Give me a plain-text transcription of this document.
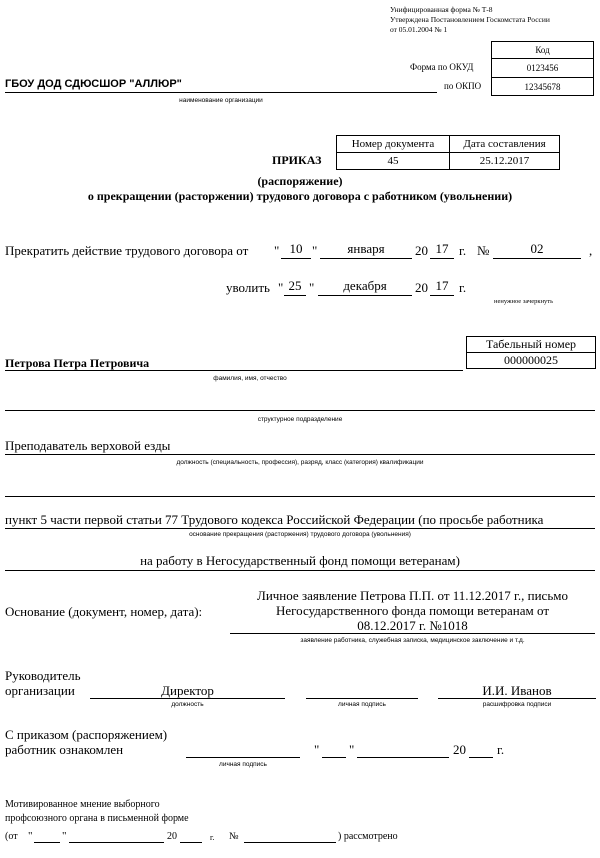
Унифицированная форма № Т-8
Утверждена Постановлением Госкомстата России
от 05.01.2004 № 1
Код
0123456
12345678
Форма по ОКУД
по ОКПО
ГБОУ ДОД СДЮСШОР "АЛЛЮР"
наименование организации
Номер документа	Дата составления
45	25.12.2017
ПРИКАЗ
(распоряжение)
о прекращении (расторжении) трудового договора с работником (увольнении)
Прекратить действие трудового договора от " 10 "	января	20 17 г. №	02	,
уволить " 25 "	декабря	20 17 г.
ненужное зачеркнуть
Табельный номер
000000025
Петрова Петра Петровича
фамилия, имя, отчество
структурное подразделение
Преподаватель верховой езды
должность (специальность, профессия), разряд, класс (категория) квалификации
пункт 5 части первой статьи 77 Трудового кодекса Российской Федерации (по просьбе работника
основание прекращения (расторжения) трудового договора (увольнения)
на работу в Негосударственный фонд помощи ветеранам)
Основание (документ, номер, дата):
Личное заявление Петрова П.П. от 11.12.2017 г., письмо
Негосударственного фонда помощи ветеранам от
08.12.2017 г. №1018
заявление работника, служебная записка, медицинское заключение и т.д.
Руководитель
организации	Директор
должность	личная подпись
И.И. Иванов
расшифровка подписи
С приказом (распоряжением)
работник ознакомлен
личная подпись
" "	20 г.
Мотивированное мнение выборного
профсоюзного органа в письменной форме
(от "	"	20	г. №	) рассмотрено
